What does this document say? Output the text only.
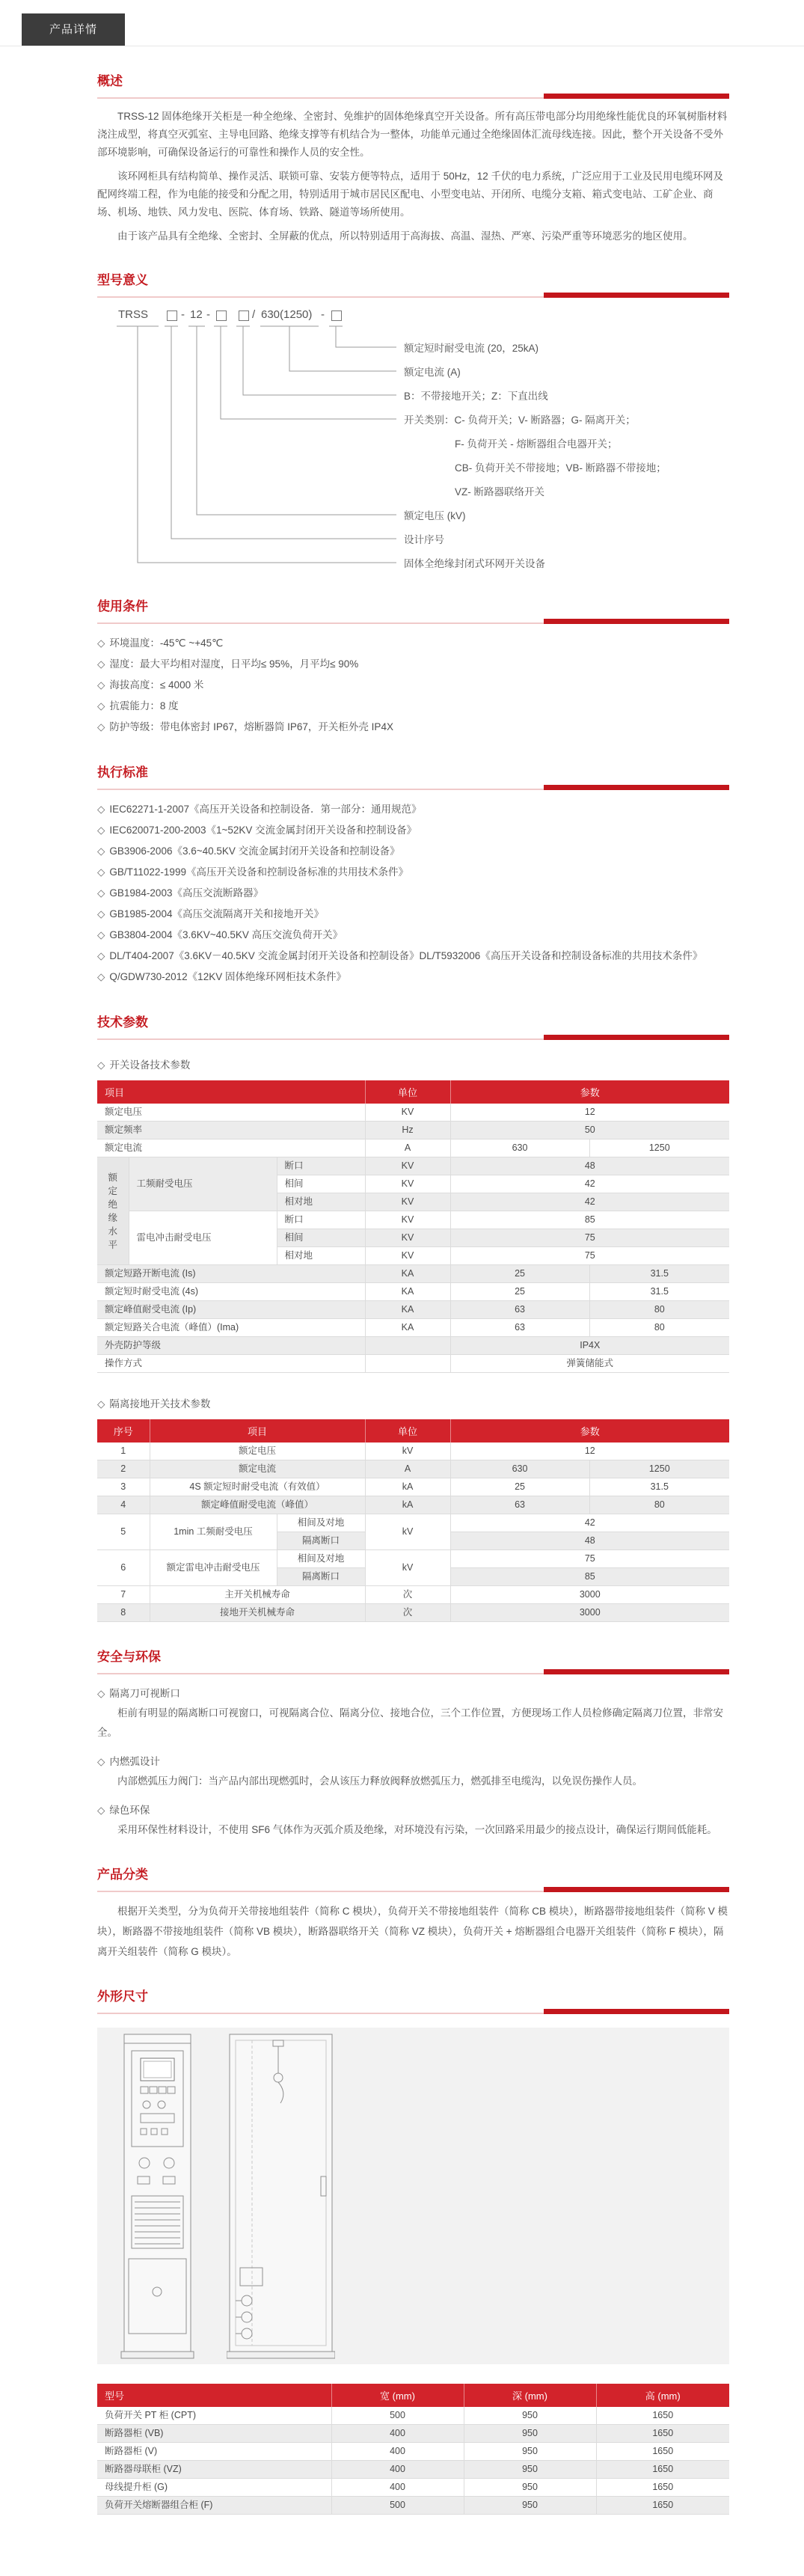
产品详情
概述

TRSS-12 固体绝缘开关柜是一种全绝缘、全密封、免维护的固体绝缘真空开关设备。所有高压带电部分均用绝缘性能优良的环氧树脂材料浇注成型，将真空灭弧室、主导电回路、绝缘支撑等有机结合为一整体，功能单元通过全绝缘固体汇流母线连接。因此，整个开关设备不受外部环境影响，可确保设备运行的可靠性和操作人员的安全性。

该环网柜具有结构简单、操作灵活、联锁可靠、安装方便等特点，适用于 50Hz，12 千伏的电力系统，广泛应用于工业及民用电缆环网及配网终端工程，作为电能的接受和分配之用，特别适用于城市居民区配电、小型变电站、开闭所、电缆分支箱、箱式变电站、工矿企业、商场、机场、地铁、风力发电、医院、体育场、铁路、隧道等场所使用。

由于该产品具有全绝缘、全密封、全屏蔽的优点，所以特别适用于高海拔、高温、湿热、严寒、污染严重等环境恶劣的地区使用。

型号意义
TRSS	- 12 -	/ 630(1250) -
额定短时耐受电流 (20，25kA)
额定电流 (A)
B：不带接地开关；Z：下直出线
开关类别：C- 负荷开关；V- 断路器；G- 隔离开关；
F- 负荷开关 - 熔断器组合电器开关；
CB- 负荷开关不带接地；VB- 断路器不带接地；
VZ- 断路器联络开关
额定电压 (kV)
设计序号
固体全绝缘封闭式环网开关设备
使用条件
◇ 环境温度：-45℃ ~+45℃
◇ 湿度：最大平均相对湿度，日平均≤ 95%，月平均≤ 90%
◇ 海拔高度：≤ 4000 米
◇ 抗震能力：8 度
◇ 防护等级：带电体密封 IP67，熔断器筒 IP67，开关柜外壳 IP4X
执行标准
◇ IEC62271-1-2007《高压开关设备和控制设备．第一部分：通用规范》
◇ IEC620071-200-2003《1~52KV 交流金属封闭开关设备和控制设备》
◇ GB3906-2006《3.6~40.5KV 交流金属封闭开关设备和控制设备》
◇ GB/T11022-1999《高压开关设备和控制设备标准的共用技术条件》
◇ GB1984-2003《高压交流断路器》
◇ GB1985-2004《高压交流隔离开关和接地开关》
◇ GB3804-2004《3.6KV~40.5KV 高压交流负荷开关》
◇ DL/T404-2007《3.6KV－40.5KV 交流金属封闭开关设备和控制设备》DL/T5932006《高压开关设备和控制设备标准的共用技术条件》
◇ Q/GDW730-2012《12KV 固体绝缘环网柜技术条件》
技术参数
◇ 开关设备技术参数
项目			单位	参数	
额定电压			KV	12	
额定频率			Hz	50	
额定电流			A	630	1250
额定绝缘水平	工频耐受电压	断口	KV	48	
		相间	KV	42	
		相对地	KV	42	
	雷电冲击耐受电压	断口	KV	85	
		相间	KV	75	
		相对地	KV	75	
额定短路开断电流 (Is)			KA	25	31.5
额定短时耐受电流 (4s)			KA	25	31.5
额定峰值耐受电流 (Ip)			KA	63	80
额定短路关合电流（峰值）(Ima)			KA	63	80
外壳防护等级				IP4X	
操作方式				弹簧储能式	
◇ 隔离接地开关技术参数
序号	项目		单位	参数	
1	额定电压		kV	12	
2	额定电流		A	630	1250
3	4S 额定短时耐受电流（有效值）		kA	25	31.5
4	额定峰值耐受电流（峰值）		kA	63	80
5	1min 工频耐受电压	相间及对地	kV	42	
		隔离断口		48	
6	额定雷电冲击耐受电压	相间及对地	kV	75	
		隔离断口		85	
7	主开关机械寿命		次	3000	
8	接地开关机械寿命		次	3000	
安全与环保
◇ 隔离刀可视断口

柜前有明显的隔离断口可视窗口，可视隔离合位、隔离分位、接地合位，三个工作位置，方便现场工作人员检修确定隔离刀位置，非常安全。

◇ 内燃弧设计

内部燃弧压力阀门：当产品内部出现燃弧时，会从该压力释放阀释放燃弧压力，燃弧排至电缆沟，以免误伤操作人员。

◇ 绿色环保

采用环保性材料设计，不使用 SF6 气体作为灭弧介质及绝缘，对环境没有污染，一次回路采用最少的接点设计，确保运行期间低能耗。

产品分类

根据开关类型，分为负荷开关带接地组装件（简称 C 模块），负荷开关不带接地组装件（简称 CB 模块），断路器带接地组装件（简称 V 模块），断路器不带接地组装件（简称 VB 模块），断路器联络开关（简称 VZ 模块），负荷开关 + 熔断器组合电器开关组装件（简称 F 模块），隔离开关组装件（简称 G 模块）。

外形尺寸
型号	宽 (mm)	深 (mm)	高 (mm)
负荷开关 PT 柜 (CPT)	500	950	1650
断路器柜 (VB)	400	950	1650
断路器柜 (V)	400	950	1650
断路器母联柜 (VZ)	400	950	1650
母线提升柜 (G)	400	950	1650
负荷开关熔断器组合柜 (F)	500	950	1650
